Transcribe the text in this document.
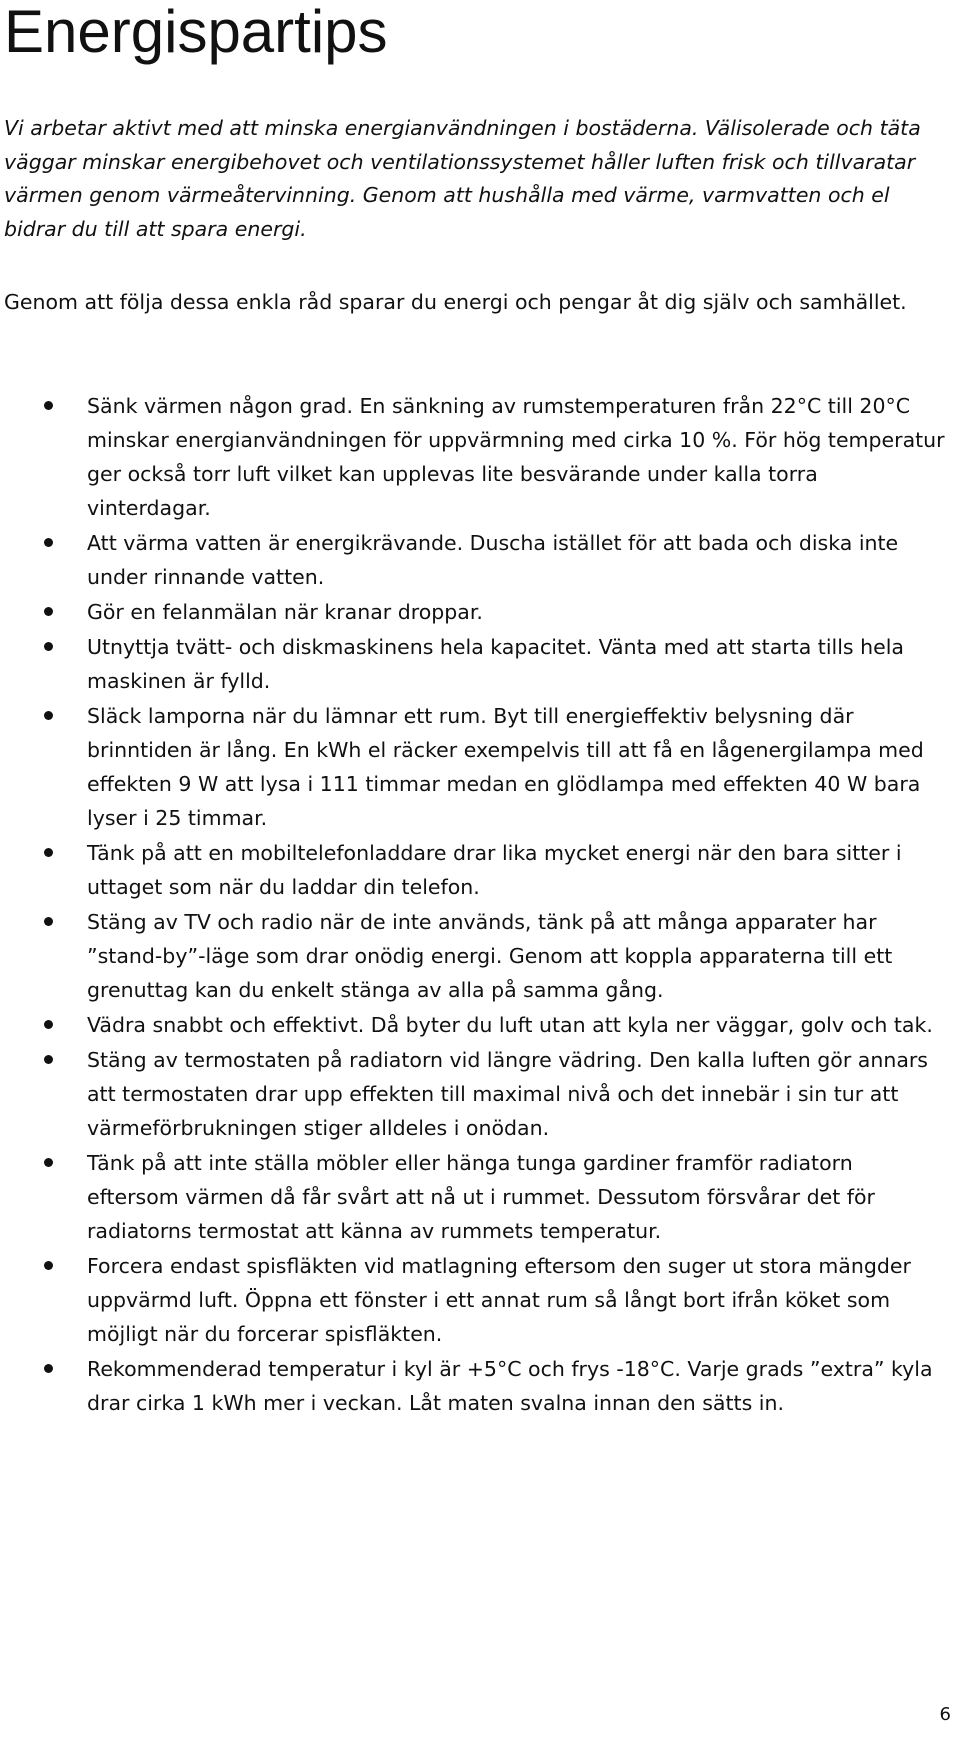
Energispartips

Vi arbetar aktivt med att minska energianvändningen i bostäderna. Välisolerade och täta väggar minskar energibehovet och ventilationssystemet håller luften frisk och tillvaratar värmen genom värmeåtervinning. Genom att hushålla med värme, varmvatten och el bidrar du till att spara energi.

Genom att följa dessa enkla råd sparar du energi och pengar åt dig själv och samhället.

Sänk värmen någon grad. En sänkning av rumstemperaturen från 22°C till 20°C minskar energianvändningen för uppvärmning med cirka 10 %. För hög temperatur ger också torr luft vilket kan upplevas lite besvärande under kalla torra vinterdagar.
Att värma vatten är energikrävande. Duscha istället för att bada och diska inte under rinnande vatten.
Gör en felanmälan när kranar droppar.
Utnyttja tvätt- och diskmaskinens hela kapacitet. Vänta med att starta tills hela maskinen är fylld.
Släck lamporna när du lämnar ett rum. Byt till energieffektiv belysning där brinntiden är lång. En kWh el räcker exempelvis till att få en lågenergilampa med effekten 9 W att lysa i 111 timmar medan en glödlampa med effekten 40 W bara lyser i 25 timmar.
Tänk på att en mobiltelefonladdare drar lika mycket energi när den bara sitter i uttaget som när du laddar din telefon.
Stäng av TV och radio när de inte används, tänk på att många apparater har ”stand-by”-läge som drar onödig energi. Genom att koppla apparaterna till ett grenuttag kan du enkelt stänga av alla på samma gång.
Vädra snabbt och effektivt. Då byter du luft utan att kyla ner väggar, golv och tak.
Stäng av termostaten på radiatorn vid längre vädring. Den kalla luften gör annars att termostaten drar upp effekten till maximal nivå och det innebär i sin tur att värmeförbrukningen stiger alldeles i onödan.
Tänk på att inte ställa möbler eller hänga tunga gardiner framför radiatorn eftersom värmen då får svårt att nå ut i rummet. Dessutom försvårar det för radiatorns termostat att känna av rummets temperatur.
Forcera endast spisfläkten vid matlagning eftersom den suger ut stora mängder uppvärmd luft. Öppna ett fönster i ett annat rum så långt bort ifrån köket som möjligt när du forcerar spisfläkten.
Rekommenderad temperatur i kyl är +5°C och frys -18°C. Varje grads ”extra” kyla drar cirka 1 kWh mer i veckan. Låt maten svalna innan den sätts in.
6
